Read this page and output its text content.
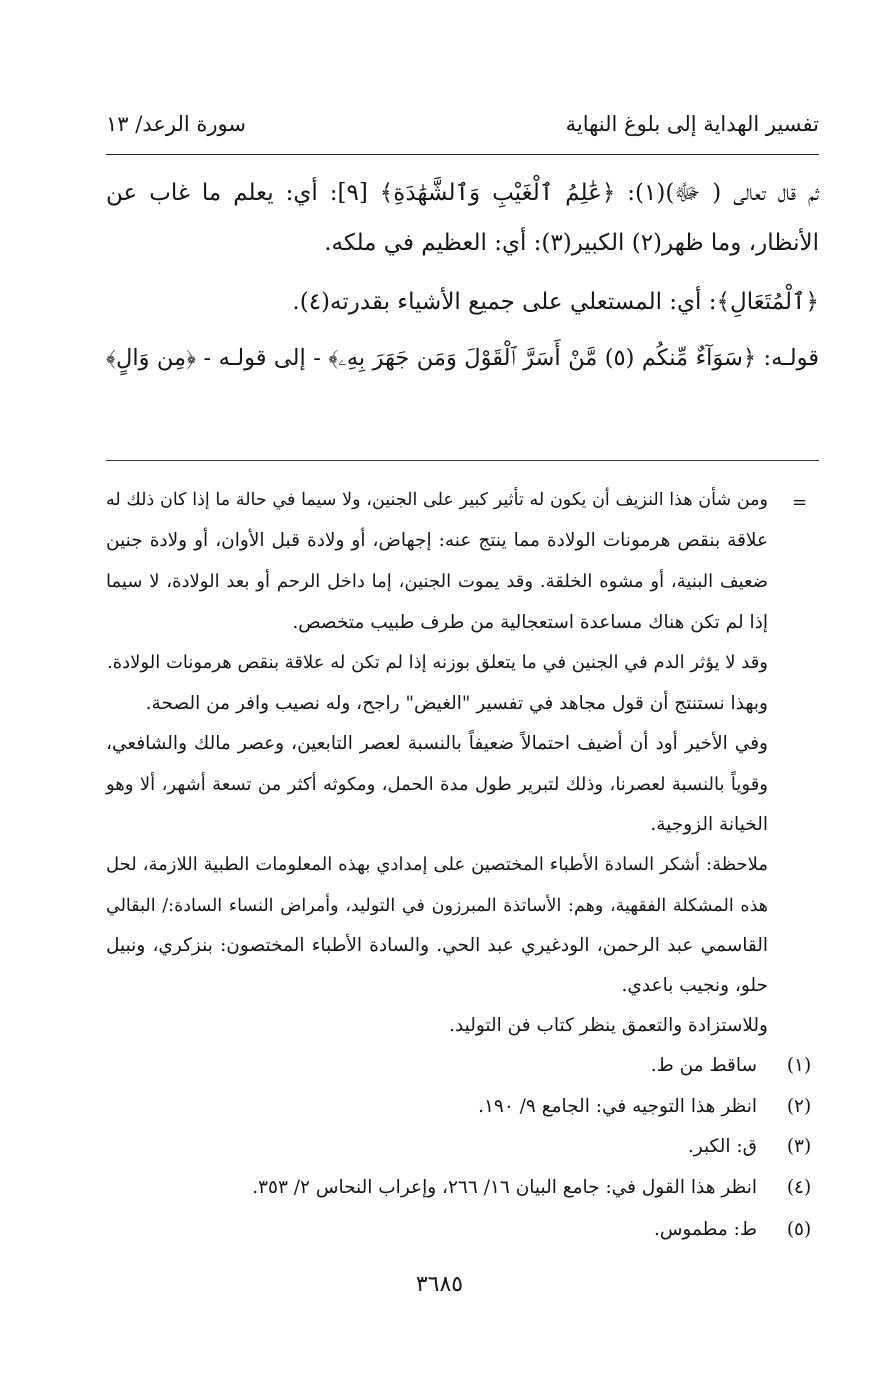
تفسير الهداية إلى بلوغ النهاية
سورة الرعد/ ١٣
ثم قال تعالى ( ﷻ)(١): ﴿عَٰلِمُ ٱلْغَيْبِ وَٱلشَّهَٰدَةِ﴾ [٩]: أي: يعلم ما غاب عن
الأنظار، وما ظهر(٢) الكبير(٣): أي: العظيم في ملكه.
﴿ٱلْمُتَعَالِ﴾: أي: المستعلي على جميع الأشياء بقدرته(٤).
قولـه: ﴿سَوَآءٌ مِّنكُم (٥) مَّنْ أَسَرَّ ٱلْقَوْلَ وَمَن جَهَرَ بِهِۦ﴾ - إلى قولـه - ﴿مِن وَالٍ﴾
=
ومن شأن هذا النزيف أن يكون له تأثير كبير على الجنين، ولا سيما في حالة ما إذا كان ذلك له
علاقة بنقص هرمونات الولادة مما ينتج عنه: إجهاض، أو ولادة قبل الأوان، أو ولادة جنين
ضعيف البنية، أو مشوه الخلقة. وقد يموت الجنين، إما داخل الرحم أو بعد الولادة، لا سيما
إذا لم تكن هناك مساعدة استعجالية من طرف طبيب متخصص.
وقد لا يؤثر الدم في الجنين في ما يتعلق بوزنه إذا لم تكن له علاقة بنقص هرمونات الولادة.
وبهذا نستنتج أن قول مجاهد في تفسير "الغيض" راجح، وله نصيب وافر من الصحة.
وفي الأخير أود أن أضيف احتمالاً ضعيفاً بالنسبة لعصر التابعين، وعصر مالك والشافعي،
وقوياً بالنسبة لعصرنا، وذلك لتبرير طول مدة الحمل، ومكوثه أكثر من تسعة أشهر، ألا وهو
الخيانة الزوجية.
ملاحظة: أشكر السادة الأطباء المختصين على إمدادي بهذه المعلومات الطبية اللازمة، لحل
هذه المشكلة الفقهية، وهم: الأساتذة المبرزون في التوليد، وأمراض النساء السادة:/ البقالي
القاسمي عبد الرحمن، الودغيري عبد الحي. والسادة الأطباء المختصون: بنزكري، ونبيل
حلو، ونجيب باعدي.
وللاستزادة والتعمق ينظر كتاب فن التوليد.
(١)
ساقط من ط.
(٢)
انظر هذا التوجيه في: الجامع ٩/ ١٩٠.
(٣)
ق: الكبر.
(٤)
انظر هذا القول في: جامع البيان ١٦/ ٢٦٦، وإعراب النحاس ٢/ ٣٥٣.
(٥)
ط: مطموس.
٣٦٨٥
